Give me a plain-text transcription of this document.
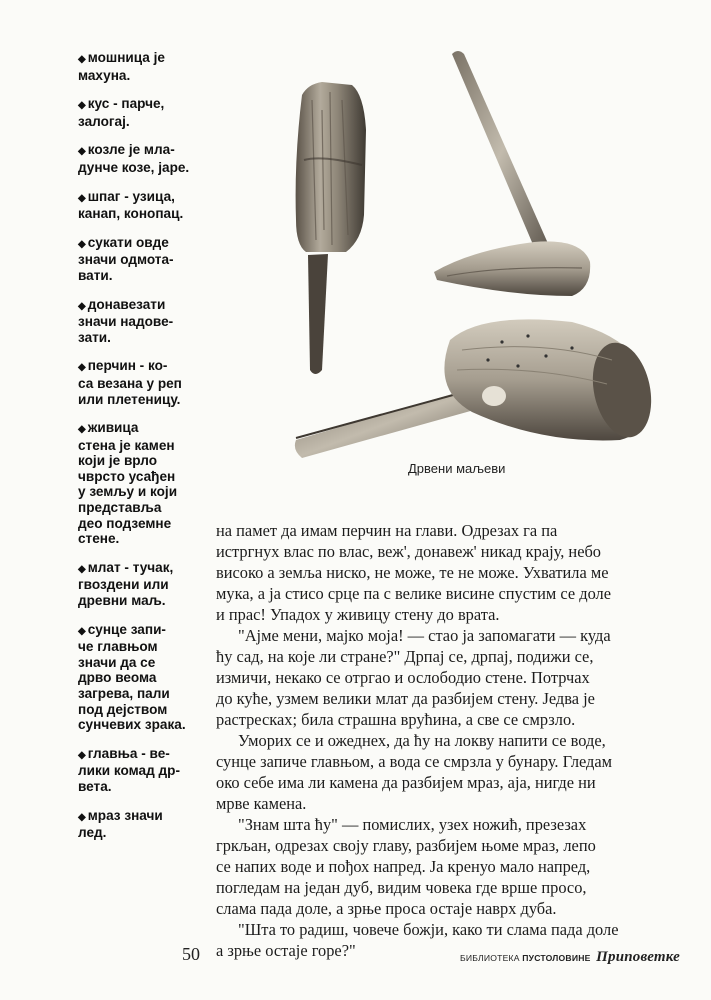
◆ мошница је
махуна.
◆ кус - парче,
залогај.
◆ козле је мла-
дунче козе, јаре.
◆ шпаг - узица,
канап, конопац.
◆ сукати овде
значи одмота-
вати.
◆ донавезати
значи надове-
зати.
◆ перчин - ко-
са везана у реп
или плетеницу.
◆ живица
стена је камен
који је врло
чврсто усађен
у земљу и који
представља
део подземне
стене.
◆ млат - тучак,
гвоздени или
древни маљ.
◆ сунце запи-
че главњом
значи да се
дрво веома
загрева, пали
под дејством
сунчевих зрака.
◆ главња - ве-
лики комад др-
вета.
◆ мраз значи
лед.
Дрвени маљеви

на памет да имам перчин на глави. Одрезах га па
истргнух влас по влас, веж', донавеж' никад крају, небо
високо а земља ниско, не може, те не може. Ухватила ме
мука, а ја стисо срце па с велике висине спустим се доле
и прас! Упадох у живицу стену до врата.

"Ајме мени, мајко моја! — стао ја запомагати — куда
ћу сад, на које ли стране?" Дрпај се, дрпај, подижи се,
измичи, некако се отргао и ослободио стене. Потрчах
до куће, узмем велики млат да разбијем стену. Једва је
растресках; била страшна врућина, а све се смрзло.

Уморих се и ожеднех, да ћу на локву напити се воде,
сунце запиче главњом, а вода се смрзла у бунару. Гледам
око себе има ли камена да разбијем мраз, аја, нигде ни
мрве камена.

"Знам шта ћу" — помислих, узех ножић, презезах
гркљан, одрезах своју главу, разбијем њоме мраз, лепо
се напих воде и пођох напред. Ја кренуо мало напред,
погледам на један дуб, видим човека где врше просо,
слама пада доле, а зрње проса остаје наврх дуба.

"Шта то радиш, човече божји, како ти слама пада доле
а зрње остаје горе?"

50	БИБЛИОТЕКА ПУСТОЛОВИНЕ Приповетке
